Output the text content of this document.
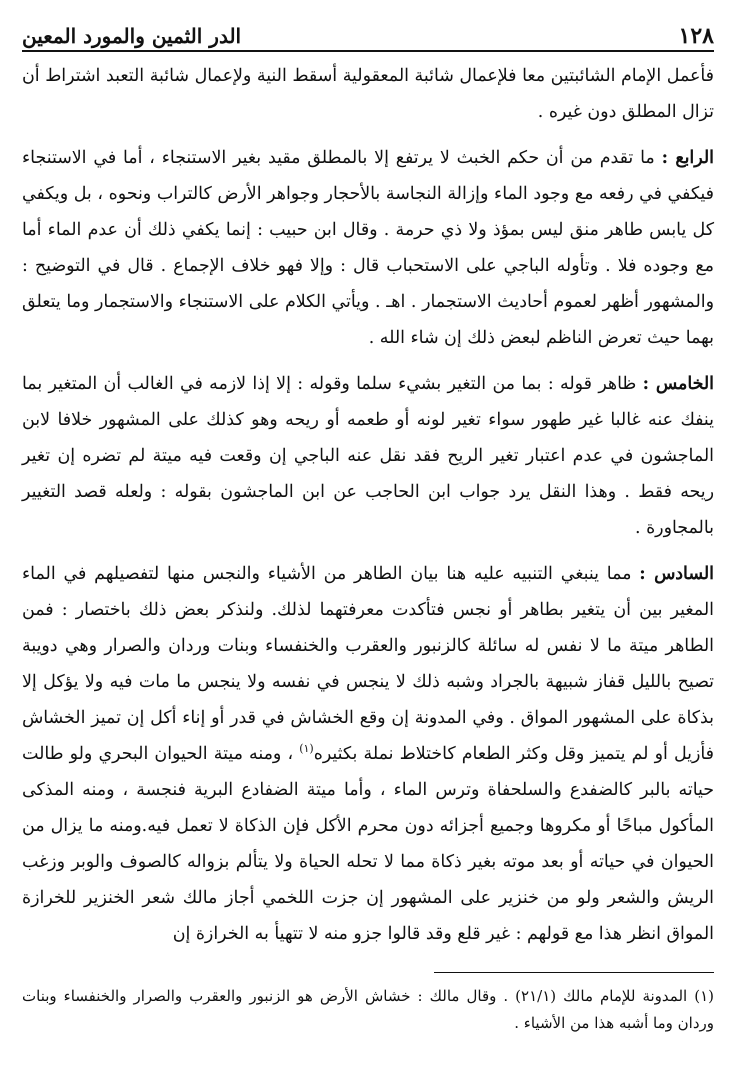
١٢٨
الدر الثمين والمورد المعين

فأعمل الإمام الشائبتين معا فلإعمال شائبة المعقولية أسقط النية ولإعمال شائبة التعبد اشتراط أن تزال المطلق دون غيره .

الرابع : ما تقدم من أن حكم الخبث لا يرتفع إلا بالمطلق مقيد بغير الاستنجاء ، أما في الاستنجاء فيكفي في رفعه مع وجود الماء وإزالة النجاسة بالأحجار وجواهر الأرض كالتراب ونحوه ، بل ويكفي كل يابس طاهر منق ليس بمؤذ ولا ذي حرمة . وقال ابن حبيب : إنما يكفي ذلك أن عدم الماء أما مع وجوده فلا . وتأوله الباجي على الاستحباب قال : وإلا فهو خلاف الإجماع . قال في التوضيح : والمشهور أظهر لعموم أحاديث الاستجمار . اهـ . ويأتي الكلام على الاستنجاء والاستجمار وما يتعلق بهما حيث تعرض الناظم لبعض ذلك إن شاء الله .

الخامس : ظاهر قوله : بما من التغير بشيء سلما وقوله : إلا إذا لازمه في الغالب أن المتغير بما ينفك عنه غالبا غير طهور سواء تغير لونه أو طعمه أو ريحه وهو كذلك على المشهور خلافا لابن الماجشون في عدم اعتبار تغير الريح فقد نقل عنه الباجي إن وقعت فيه ميتة لم تضره إن تغير ريحه فقط . وهذا النقل يرد جواب ابن الحاجب عن ابن الماجشون بقوله : ولعله قصد التغيير بالمجاورة .

السادس : مما ينبغي التنبيه عليه هنا بيان الطاهر من الأشياء والنجس منها لتفصيلهم في الماء المغير بين أن يتغير بطاهر أو نجس فتأكدت معرفتهما لذلك. ولنذكر بعض ذلك باختصار : فمن الطاهر ميتة ما لا نفس له سائلة كالزنبور والعقرب والخنفساء وبنات وردان والصرار وهي دويبة تصيح بالليل قفاز شبيهة بالجراد وشبه ذلك لا ينجس في نفسه ولا ينجس ما مات فيه ولا يؤكل إلا بذكاة على المشهور المواق . وفي المدونة إن وقع الخشاش في قدر أو إناء أكل إن تميز الخشاش فأزيل أو لم يتميز وقل وكثر الطعام كاختلاط نملة بكثيره$^{(١)}$ ، ومنه ميتة الحيوان البحري ولو طالت حياته بالبر كالضفدع والسلحفاة وترس الماء ، وأما ميتة الضفادع البرية فنجسة ، ومنه المذكى المأكول مباحًا أو مكروها وجميع أجزائه دون محرم الأكل فإن الذكاة لا تعمل فيه.ومنه ما يزال من الحيوان في حياته أو بعد موته بغير ذكاة مما لا تحله الحياة ولا يتألم بزواله كالصوف والوبر وزغب الريش والشعر ولو من خنزير على المشهور إن جزت اللخمي أجاز مالك شعر الخنزير للخرازة المواق انظر هذا مع قولهم : غير قلع وقد قالوا جزو منه لا تتهيأ به الخرازة إن

(١) المدونة للإمام مالك (٢١/١) . وقال مالك : خشاش الأرض هو الزنبور والعقرب والصرار والخنفساء وبنات وردان وما أشبه هذا من الأشياء .
